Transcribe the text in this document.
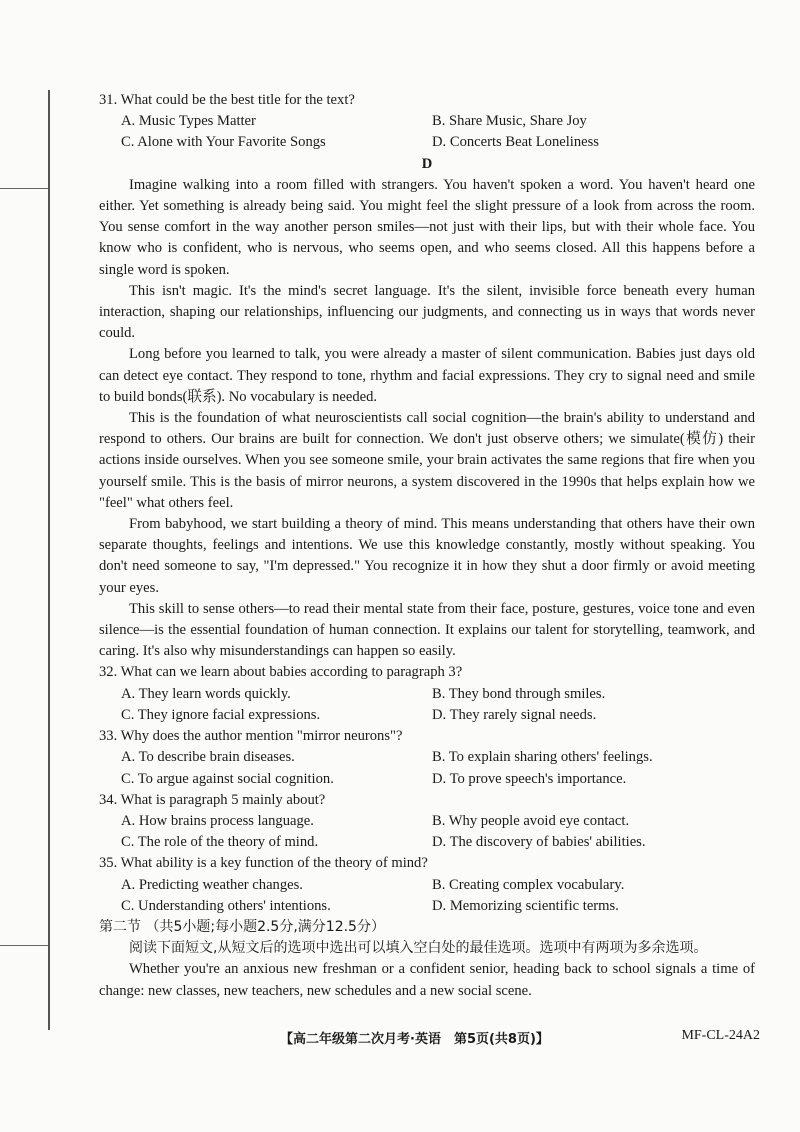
31. What could be the best title for the text?

A. Music Types Matter	B. Share Music, Share Joy
C. Alone with Your Favorite Songs	D. Concerts Beat Loneliness

D

Imagine walking into a room filled with strangers. You haven't spoken a word. You haven't heard one either. Yet something is already being said. You might feel the slight pressure of a look from across the room. You sense comfort in the way another person smiles—not just with their lips, but with their whole face. You know who is confident, who is nervous, who seems open, and who seems closed. All this happens before a single word is spoken.

This isn't magic. It's the mind's secret language. It's the silent, invisible force beneath every human interaction, shaping our relationships, influencing our judgments, and connecting us in ways that words never could.

Long before you learned to talk, you were already a master of silent communication. Babies just days old can detect eye contact. They respond to tone, rhythm and facial expressions. They cry to signal need and smile to build bonds(联系). No vocabulary is needed.

This is the foundation of what neuroscientists call social cognition—the brain's ability to understand and respond to others. Our brains are built for connection. We don't just observe others; we simulate(模仿) their actions inside ourselves. When you see someone smile, your brain activates the same regions that fire when you yourself smile. This is the basis of mirror neurons, a system discovered in the 1990s that helps explain how we "feel" what others feel.

From babyhood, we start building a theory of mind. This means understanding that others have their own separate thoughts, feelings and intentions. We use this knowledge constantly, mostly without speaking. You don't need someone to say, "I'm depressed." You recognize it in how they shut a door firmly or avoid meeting your eyes.

This skill to sense others—to read their mental state from their face, posture, gestures, voice tone and even silence—is the essential foundation of human connection. It explains our talent for storytelling, teamwork, and caring. It's also why misunderstandings can happen so easily.

32. What can we learn about babies according to paragraph 3?

A. They learn words quickly.	B. They bond through smiles.
C. They ignore facial expressions.	D. They rarely signal needs.

33. Why does the author mention "mirror neurons"?

A. To describe brain diseases.	B. To explain sharing others' feelings.
C. To argue against social cognition.	D. To prove speech's importance.

34. What is paragraph 5 mainly about?

A. How brains process language.	B. Why people avoid eye contact.
C. The role of the theory of mind.	D. The discovery of babies' abilities.

35. What ability is a key function of the theory of mind?

A. Predicting weather changes.	B. Creating complex vocabulary.
C. Understanding others' intentions.	D. Memorizing scientific terms.

第二节 （共5小题;每小题2.5分,满分12.5分）

阅读下面短文,从短文后的选项中选出可以填入空白处的最佳选项。选项中有两项为多余选项。

Whether you're an anxious new freshman or a confident senior, heading back to school signals a time of change: new classes, new teachers, new schedules and a new social scene.

【高二年级第二次月考·英语　第5页(共8页)】	MF-CL-24A2
